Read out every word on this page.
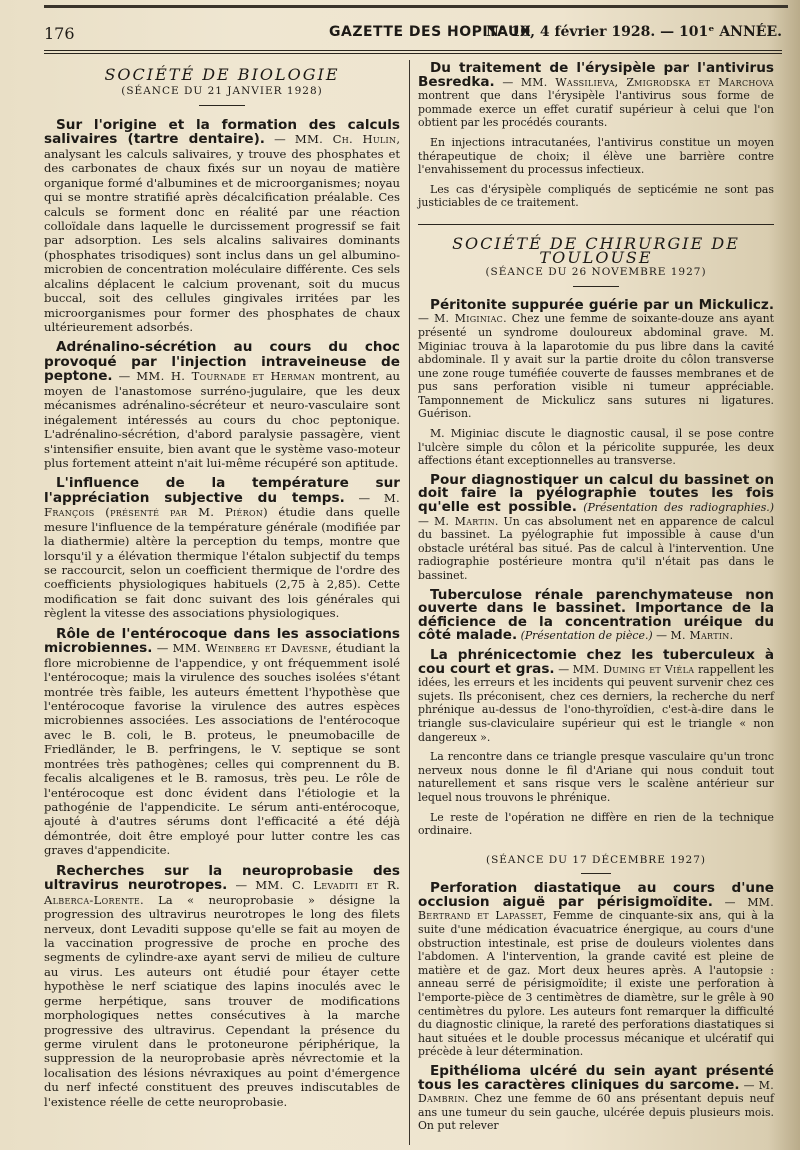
176	GAZETTE DES HOPITAUX
N° 10, 4 février 1928. — 101ᵉ ANNÉE.
SOCIÉTÉ DE BIOLOGIE
(SÉANCE DU 21 JANVIER 1928)

Sur l'origine et la formation des calculs salivaires (tartre dentaire). — MM. Ch. Hulin, analysant les calculs salivaires, y trouve des phosphates et des carbonates de chaux fixés sur un noyau de matière organique formé d'albumines et de microorganismes; noyau qui se montre stratifié après décalcification préalable. Ces calculs se forment donc en réalité par une réaction colloïdale dans laquelle le durcissement progressif se fait par adsorption. Les sels alcalins salivaires dominants (phosphates trisodiques) sont inclus dans un gel albumino-microbien de concentration moléculaire différente. Ces sels alcalins déplacent le calcium provenant, soit du mucus buccal, soit des cellules gingivales irritées par les microorganismes pour former des phosphates de chaux ultérieurement adsorbés.

Adrénalino-sécrétion au cours du choc provoqué par l'injection intraveineuse de peptone. — MM. H. Tournade et Herman montrent, au moyen de l'anastomose surréno-jugulaire, que les deux mécanismes adrénalino-sécréteur et neuro-vasculaire sont inégalement intéressés au cours du choc peptonique. L'adrénalino-sécrétion, d'abord paralysie passagère, vient s'intensifier ensuite, bien avant que le système vaso-moteur plus fortement atteint n'ait lui-même récupéré son aptitude.

L'influence de la température sur l'appréciation subjective du temps. — M. François (présenté par M. Piéron) étudie dans quelle mesure l'influence de la température générale (modifiée par la diathermie) altère la perception du temps, montre que lorsqu'il y a élévation thermique l'étalon subjectif du temps se raccourcit, selon un coefficient thermique de l'ordre des coefficients physiologiques habituels (2,75 à 2,85). Cette modification se fait donc suivant des lois générales qui règlent la vitesse des associations physiologiques.

Rôle de l'entérocoque dans les associations microbiennes. — MM. Weinberg et Davesne, étudiant la flore microbienne de l'appendice, y ont fréquemment isolé l'entérocoque; mais la virulence des souches isolées s'étant montrée très faible, les auteurs émettent l'hypothèse que l'entérocoque favorise la virulence des autres espèces microbiennes associées. Les associations de l'entérocoque avec le B. coli, le B. proteus, le pneumobacille de Friedländer, le B. perfringens, le V. septique se sont montrées très pathogènes; celles qui comprennent du B. fecalis alcaligenes et le B. ramosus, très peu. Le rôle de l'entérocoque est donc évident dans l'étiologie et la pathogénie de l'appendicite. Le sérum anti-entérocoque, ajouté à d'autres sérums dont l'efficacité a été déjà démontrée, doit être employé pour lutter contre les cas graves d'appendicite.

Recherches sur la neuroprobasie des ultravirus neurotropes. — MM. C. Levaditi et R. Alberca-Lorente. La « neuroprobasie » désigne la progression des ultravirus neurotropes le long des filets nerveux, dont Levaditi suppose qu'elle se fait au moyen de la vaccination progressive de proche en proche des segments de cylindre-axe ayant servi de milieu de culture au virus. Les auteurs ont étudié pour étayer cette hypothèse le nerf sciatique des lapins inoculés avec le germe herpétique, sans trouver de modifications morphologiques nettes consécutives à la marche progressive des ultravirus. Cependant la présence du germe virulent dans le protoneurone périphérique, la suppression de la neuroprobasie après névrectomie et la localisation des lésions névraxiques au point d'émergence du nerf infecté constituent des preuves indiscutables de l'existence réelle de cette neuroprobasie.

Du traitement de l'érysipèle par l'antivirus Besredka. — MM. Wassilieva, Zmigrodska et Marchova montrent que dans l'érysipèle l'antivirus sous forme de pommade exerce un effet curatif supérieur à celui que l'on obtient par les procédés courants.

En injections intracutanées, l'antivirus constitue un moyen thérapeutique de choix; il élève une barrière contre l'envahissement du processus infectieux.

Les cas d'érysipèle compliqués de septicémie ne sont pas justiciables de ce traitement.

SOCIÉTÉ DE CHIRURGIE DE TOULOUSE
(SÉANCE DU 26 NOVEMBRE 1927)

Péritonite suppurée guérie par un Mickulicz. — M. Miginiac. Chez une femme de soixante-douze ans ayant présenté un syndrome douloureux abdominal grave. M. Miginiac trouva à la laparotomie du pus libre dans la cavité abdominale. Il y avait sur la partie droite du côlon transverse une zone rouge tuméfiée couverte de fausses membranes et de pus sans perforation visible ni tumeur appréciable. Tamponnement de Mickulicz sans sutures ni ligatures. Guérison.

M. Miginiac discute le diagnostic causal, il se pose contre l'ulcère simple du côlon et la péricolite suppurée, les deux affections étant exceptionnelles au transverse.

Pour diagnostiquer un calcul du bassinet on doit faire la pyélographie toutes les fois qu'elle est possible. (Présentation des radiographies.) — M. Martin. Un cas absolument net en apparence de calcul du bassinet. La pyélographie fut impossible à cause d'un obstacle urétéral bas situé. Pas de calcul à l'intervention. Une radiographie postérieure montra qu'il n'était pas dans le bassinet.

Tuberculose rénale parenchymateuse non ouverte dans le bassinet. Importance de la déficience de la concentration uréique du côté malade. (Présentation de pièce.) — M. Martin.

La phrénicectomie chez les tuberculeux à cou court et gras. — MM. Duming et Viéla rappellent les idées, les erreurs et les incidents qui peuvent survenir chez ces sujets. Ils préconisent, chez ces derniers, la recherche du nerf phrénique au-dessus de l'ono-thyroïdien, c'est-à-dire dans le triangle sus-claviculaire supérieur qui est le triangle « non dangereux ».

La rencontre dans ce triangle presque vasculaire qu'un tronc nerveux nous donne le fil d'Ariane qui nous conduit tout naturellement et sans risque vers le scalène antérieur sur lequel nous trouvons le phrénique.

Le reste de l'opération ne diffère en rien de la technique ordinaire.

(SÉANCE DU 17 DÉCEMBRE 1927)

Perforation diastatique au cours d'une occlusion aiguë par périsigmoïdite. — MM. Bertrand et Lapasset, Femme de cinquante-six ans, qui à la suite d'une médication évacuatrice énergique, au cours d'une obstruction intestinale, est prise de douleurs violentes dans l'abdomen. A l'intervention, la grande cavité est pleine de matière et de gaz. Mort deux heures après. A l'autopsie : anneau serré de périsigmoïdite; il existe une perforation à l'emporte-pièce de 3 centimètres de diamètre, sur le grêle à 90 centimètres du pylore. Les auteurs font remarquer la difficulté du diagnostic clinique, la rareté des perforations diastatiques si haut situées et le double processus mécanique et ulcératif qui précède à leur détermination.

Epithélioma ulcéré du sein ayant présenté tous les caractères cliniques du sarcome. — M. Dambrin. Chez une femme de 60 ans présentant depuis neuf ans une tumeur du sein gauche, ulcérée depuis plusieurs mois. On put relever
